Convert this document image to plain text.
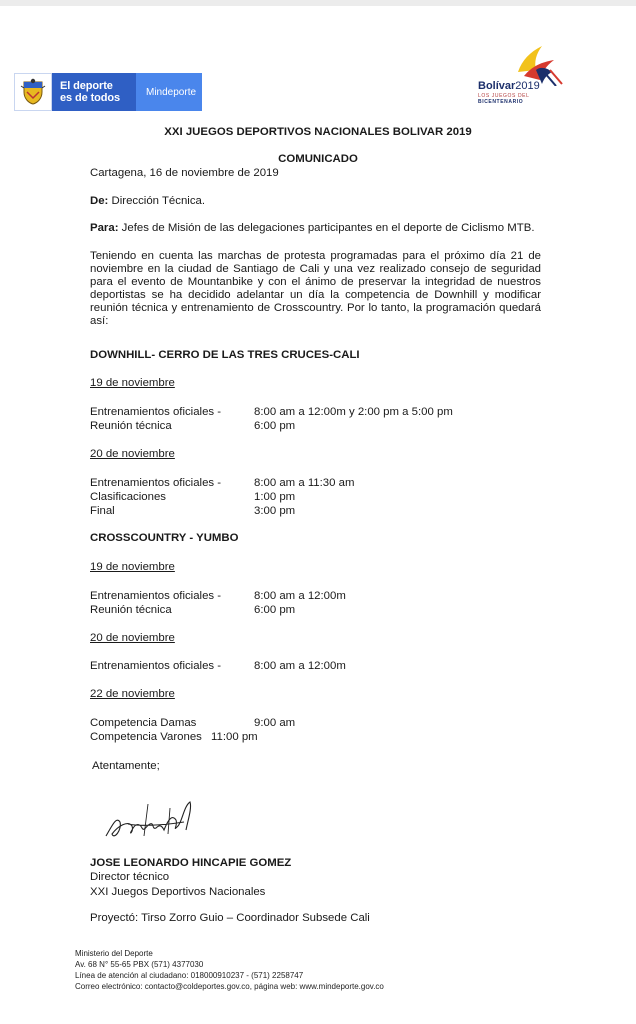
El deporte
es de todos	Mindeporte	Bolívar2019
LOS JUEGOS DEL
BICENTENARIO
XXI JUEGOS DEPORTIVOS NACIONALES BOLIVAR 2019
COMUNICADO
Cartagena, 16 de noviembre de 2019
De: Dirección Técnica.
Para: Jefes de Misión de las delegaciones participantes en el deporte de Ciclismo MTB.
Teniendo en cuenta las marchas de protesta programadas para el próximo día 21 de noviembre en la ciudad de Santiago de Cali y una vez realizado consejo de seguridad para el evento de Mountanbike y con el ánimo de preservar la integridad de nuestros deportistas se ha decidido adelantar un día la competencia de Downhill y modificar reunión técnica y entrenamiento de Crosscountry. Por lo tanto, la programación quedará así:
DOWNHILL- CERRO DE LAS TRES CRUCES-CALI
19 de noviembre
Entrenamientos oficiales -	8:00 am a 12:00m y 2:00 pm a 5:00 pm
Reunión técnica	6:00 pm
20 de noviembre
Entrenamientos oficiales -	8:00 am a 11:30 am
Clasificaciones	1:00 pm
Final	3:00 pm
CROSSCOUNTRY - YUMBO
19 de noviembre
Entrenamientos oficiales -	8:00 am a 12:00m
Reunión técnica	6:00 pm
20 de noviembre
Entrenamientos oficiales -	8:00 am a 12:00m
22 de noviembre
Competencia Damas	9:00 am
Competencia Varones 11:00 pm
Atentamente;
JOSE LEONARDO HINCAPIE GOMEZ
Director técnico
XXI Juegos Deportivos Nacionales
Proyectó: Tirso Zorro Guio – Coordinador Subsede Cali
Ministerio del Deporte
Av. 68 N° 55-65 PBX (571) 4377030
Línea de atención al ciudadano: 018000910237 - (571) 2258747
Correo electrónico: contacto@coldeportes.gov.co, página web: www.mindeporte.gov.co
